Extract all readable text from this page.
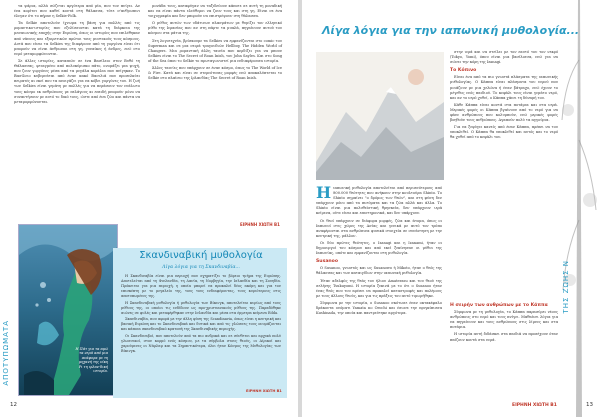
τα ψάρια, αλλά σώζεται αργότερα από μία, που τον πνίγει. Αν ένα κορίτσι που καθεί κοντά στη θάλασσα, τότε σ'ανθρωπινι έλεγαν ότι το πήραν η Selkie-Folk.

Τα Selkie αποτελούν ίχνωμα τη βάση για πολλές από τις ρομαντικο-ιστορίες που εξελίσσονται κατά τη διάρκεια της μεσαιωνικής εποχής στην Ευρώπη, όπως οι ιστορίες που επιλέθηκαν από νάνους και εξαιρετικών πρώτοι τους μυστικούς τους κόσμους. Αυτά που είναι τα Selkies της διαφέρουν από τη γοργόνα είναι ότι μπορούν να είναι άνθρωποι στη γη, γυναίκες ή άνδρες, ενώ στο νερό μεταμορφώνονται.

Σε άλλες ιστορίες, καταπιών σε ένα Βασίλειο στον Βυθό τη Θάλασσας, φτιαγμένο από πολυκύρισκο πάτο, ονομάζει μια ψυχή, που ζουν γοργόνες μέσα από τα μεγάλα κοράλια που πνίγηκαν. Το Βασίλειο κυβερνάται από έναν κακό Βασιλιά που προσελκύει πειρατές κι εκεί που τα ανοιγάζει για να κόβει γοργόνες του. Η ζωή των Selkies είναι γεμάτη με πολλές για να περάσουν τον ευάλωτο τους κόσμο εκ ανθρώπους με πελάγους κι επειδή μπορούν μόνο να συναντήσουν με αυτό το δικό τους, ώστε από ένα ζώο και πάντα να μεταμορφώνονται.

μονάδα τους, καταφύγαν να ταξιδεύουν κάποτε σε αυτή τη μοναδική και να είναι πάντα ελεύθεροι να ζουν τους και στη γη. Είναι σε ένα τοιχογραφία και δεν μπορούν να επιστρέψουν στη θάλασσα.

Ο μύθος αυτών των υδάτινων πλασμάτων με θυμίζει τον ελληνικό μύθο της Ιερασίας που αν στη πάρτε τα μυαλά, πηγαίνουν αυτού του κόσμου στα μάτια της.

Στη λογοτεχνία, βρίσκουμε τα Selkies να εμφανίζονται στο comic του Superman και σε μια σειρά τραγουδιών Hellboy, The Hidden World of Changers. Μια ρομαντική άλλη ταινία που κερδίζει για να μπουν Selkies είναι το The Secret of Roan Inish, του John Sayles. Και στο Song of the Sea όπου το Selkie το πρωταγωνιστεί μια ενδιαφέρουσα ιστορία.

Άλλες ταινίες που υπάρχουν σε έναν κόσμο, όπως το The World of Ice & Fire. Κατά και είναι σε στερεότυπες μορφές ενώ αποκαλύπτεται το Selkie στο πλαίσιο της Ιρλανδίας The Secret of Roan Inish.

ΕΙΡΗΝΗ ΧΙΩΤΗ Β1
Η Πάτ για τα αμώ τα νερά από μια ανάφορα με τη μηχανή της νίκη Ρι τη ιρλαν-δική ιστορία.
Σκανδιναβική μυθολογία
Λίγα λόγια για τη Σκανδιναβία...

Η Σκανδιναβία είναι μια περιοχή που σχηματίζει το βόρειο τμήμα της Ευρώπης. Αποτελείται από τη Φινλανδία, τη Δανία, τη Νορβηγία, την Ισλανδία και τη Σουηδία. Πρόκειται για μια περιοχή, η οποία μπορεί να προκαλεί δέος ακόμη και για τον επισκέπτη με το μεγαλείο της, τους τους ενδιαφέροντας, τους κυριότερους στις αποτυπωμένες της.

Η Σκανδιναβική μυθολογία ή μυθολογία των Βίκινγκ, αποτελείται κυρίως από τους μύθους της, οι οποίοι τις ενδίδουν ως προ-χριστιανικούς μύθους της. Παραδόθηκε αιώνες σε φυλές και μεταφέρθηκαν στην Ισλανδία και μέσα στα έμμετρα κείμενα Edda.

Σκανδιναβία, που αφορά με την άλλη φύση της Scandinavia, όπως είναι η κεντρική και βασική Ευρώπη και το Σκανδιναβικά και δυτικά και από τις γλώσσες τους ονομάζονται και κάποια σκανδιναβικό κρατοπή της Σκανδιναβικής περιοχής.

Οι Σκανδιναβοί, που αποτελούν από τα πιο ανδρικά και σε σύνθετοι και αρχικά πολύ γλωσσικοί, στον κορμό ενός κόσμου, με τα σύμβολα στους θεούς, οι Αϊρικοί και χαρούμενες οι Νάρλαμ και τα Σημαντικότερα, όλοι ήταν Κόσμος της Μυθολογίας των Βίκινγκ.

ΕΙΡΗΝΗ ΧΙΩΤΗ Β1
ΑΠΟΤΥΠΩΜΑΤΑ
12
Λίγα λόγια για την ιαπωνική μυθολογία...

στην ιερά και να στείλει με τον εαυτό του τον νεκρό (Tokyo, Yomi), όπου είναι μια βασίλισσα, ενώ για να σώσει την κόρη της Izanagi.

Το Κόπινο

Είναι ένα από τα πιο γνωστά πλάσματα της ιαπωνικής μυθολογίας. Ο Κάππα είναι πλάσματα του νερού που μοιάζουν με μια χελώνα ή έναν βάτραχο, ενώ έχουν το μέγεθος ενός παιδιού. Το κεφάλι τους είναι γεμάτο νερό, και αν το νερό χυθεί, ο Κάππα χάνει τη δύναμή του.

Κάθε Κάππα είναι κοντά στα ποτάμια και στα νερά. Μερικές φορές οι Κάππα βγαίνουν από το νερό για να φάνε ανθρώπους που κολυμπούν, ενώ μερικές φορές βοηθούν τους ανθρώπους. Αγαπούν πολύ τα αγγούρια.

Για να ξεφύγει κανείς από έναν Κάππα, πρέπει να του υποκλιθεί. Ο Κάππα θα υποκλιθεί και αυτός και το νερό θα χυθεί από το κεφάλι του.

Ηιαπωνική μυθολογία αποτελείται από περισσότερους από 800.000 θεότητες που ανήκουν στην κουλτούρα Shinto. Το Shinto σημαίνει "ο δρόμος των θεών", και στη φύση δεν υπάρχουν μόνο από τα πνεύματα και τα ζώα αλλά και άλλα. Το Shinto είναι μια πολυθεϊστική θρησκεία, δεν υπάρχουν ιερά κείμενα, ούτε είναι και επιστημονικά, και δεν υπάρχουν.

Οι θεοί υπάρχουν σε διάφορα μορφές, ζώα και άτομα, όπως οι Ιαπωνοί στις χώρες της Ασίας και γενικά με αυτό τον τρόπο αναφέρονται στα ανθρώπινα φυσικά στοιχεία σε συνάντηση με την κεντρική της, μάλλον.

Οι δύο πρώτες θεότητες, ο Izanagi και η Izanami, ήταν οι δημιουργοί του κόσμου και από εκεί ξεκίνησαν οι μύθοι της Ιαπωνίας, οπότε και εμφανίζονται στη μυθολογία.

Susanoo

Ο Susanoo, γνωστός και ως Susanowo ή Mikoto, ήταν ο θεός της θάλασσας και των καταιγίδων στην ιαπωνική μυθολογία.

Ήταν αδελφός της θεάς του ήλιου Amaterasu και του θεού της σελήνης Tsukuyomi. Η ιστορία ξεκινά με το ότι ο Susanoo ήταν ένας θεός που του αρέσει να προκαλεί καταστροφές και πολέμους με τους άλλους θεούς, και για τις πράξεις του αυτό τιμωρήθηκε.

Σύμφωνα με την ιστορία, ο Susanoo σκότωσε έναν οκτακέφαλο δράκοντα ονόματι Yamata no Orochi και έσωσε την πριγκίπισσα Kushinada, την οποία και παντρεύτηκε αργότερα.

Η σειρήν των ανθρώπων με το Κάππα

Σύμφωνα με τη μυθολογία, το Κάππα παρασύρει νέους ανθρώπους στο νερό και τους πνίγει. Μαθαίνει λόγια για να πηγαίνουν και τους ανθρώπους στις λίμνες και στα ποτάμια.

Η ιστορία αυτή διδάσκει στα παιδιά να προσέχουν όταν παίζουν κοντά στα νερά.

ΤΗΣ ΖΩΗΣ Ν
ΕΙΡΗΝΗ ΧΙΩΤΗ Β1	13
